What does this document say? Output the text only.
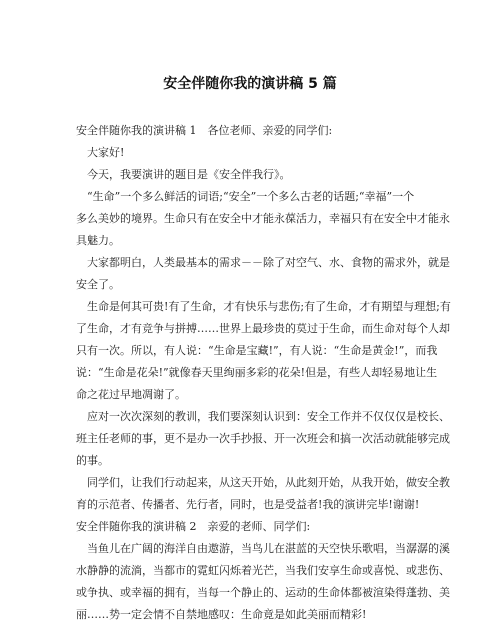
安全伴随你我的演讲稿 5 篇
安全伴随你我的演讲稿 1　各位老师、亲爱的同学们:
大家好!
今天，我要演讲的题目是《安全伴我行》。
“生命”一个多么鲜活的词语;“安全”一个多么古老的话题;“幸福”一个
多么美妙的境界。生命只有在安全中才能永葆活力，幸福只有在安全中才能永
具魅力。
大家都明白，人类最基本的需求－－除了对空气、水、食物的需求外，就是
安全了。
生命是何其可贵!有了生命，才有快乐与悲伤;有了生命，才有期望与理想;有
了生命，才有竞争与拼搏……世界上最珍贵的莫过于生命，而生命对每个人却
只有一次。所以，有人说：“生命是宝藏!”，有人说：“生命是黄金!”，而我
说：“生命是花朵!”就像春天里绚丽多彩的花朵!但是，有些人却轻易地让生
命之花过早地凋谢了。
应对一次次深刻的教训，我们要深刻认识到：安全工作并不仅仅仅是校长、
班主任老师的事，更不是办一次手抄报、开一次班会和搞一次活动就能够完成
的事。
同学们，让我们行动起来，从这天开始，从此刻开始，从我开始，做安全教
育的示范者、传播者、先行者，同时，也是受益者!我的演讲完毕!谢谢!
安全伴随你我的演讲稿 2　亲爱的老师、同学们:
当鱼儿在广阔的海洋自由遨游，当鸟儿在湛蓝的天空快乐歌唱，当潺潺的溪
水静静的流淌，当都市的霓虹闪烁着光芒，当我们安享生命或喜悦、或悲伤、
或争执、或幸福的拥有，当每一个静止的、运动的生命体都被渲染得蓬勃、美
丽……势一定会情不自禁地感叹：生命竟是如此美丽而精彩!
